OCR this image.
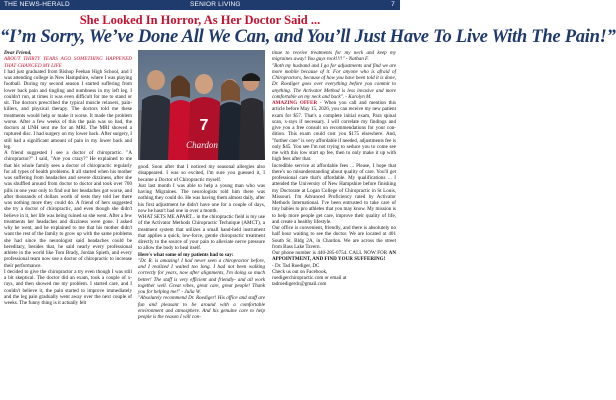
THE NEWS-HERALD	SENIOR LIVING	7
She Looked In Horror, As Her Doctor Said ...
“I’m Sorry, We’ve Done All We Can, and You’ll Just Have To Live With The Pain!”

Dear Friend,

ABOUT THIRTY YEARS AGO SOMETHING HAPPENED THAT CHANGED MY LIFE

I had just graduated from Bishop Feehan High School, and I was attending college in New Hampshire, where I was playing football. During my second season I started suffering from lower back pain and tingling and numbness in my left leg. I couldn't run, at times it was even difficult for me to stand or sit. The doctors prescribed the typical muscle relaxers, pain-killers, and physical therapy. The doctors told me these treatments would help or make it worse. It made the problem worse. After a few weeks of this the pain was so bad, the doctors at UNH sent me for an MRI. The MRI showed a ruptured disc. I had surgery on my lower back. After surgery, I still had a significant amount of pain in my lower back and leg.

A friend suggested I see a doctor of chiropractic. "A chiropractor?" I said, "Are you crazy?" He explained to me that his whole family sees a doctor of chiropractic regularly for all types of health problems. It all started when his mother was suffering from headaches and severe dizziness, after she was shuffled around from doctor to doctor and took over 700 pills in one year only to find out her headaches got worse, and after thousands of dollars worth of tests they told her there was nothing more they could do. A friend of hers suggested she try a doctor of chiropractic, and even though she didn't believe in it, her life was being ruined so she went. After a few treatments her headaches and dizziness were gone. I asked why he went, and he explained to me that his mother didn't want the rest of the family to grow up with the same problems she had since the neurologist said headaches could be hereditary, besides that, he said nearly every professional athlete in the world like Tom Brady, Jordan Spieth, and every professional team now use a doctor of chiropractic to increase their performance.

I decided to give the chiropractor a try even though I was still a bit skeptical. The doctor did an exam, took a couple of x-rays, and then showed me my problem. I started care, and I couldn't believe it, the pain started to improve immediately and the leg pain gradually went away over the next couple of weeks. The funny thing is it actually felt

7
Chardon

good. Soon after that I noticed my seasonal allergies also disappeared. I was so excited, I'm sure you guessed it, I became a Doctor of Chiropractic myself.

Just last month I was able to help a young man who was having Migraines. The neurologists told him there was nothing they could do. He was having them almost daily, after his first adjustment he didn't have one for a couple of days, now he hasn't had one in over a month.

WHAT SETS ME APART... in the chiropractic field is my use of the Activator Methods Chiropractic Technique (AMCT), a treatment system that utilizes a small hand-held instrument that applies a quick, low-force, gentle chiropractic treatment directly to the source of your pain to alleviate nerve pressure to allow the body to heal itself.

Here's what some of my patients had to say:

"Dr. R. is amazing! I had never seen a chiropractor before, and I realized I waited too long. I had not been walking correctly for years, now after alignments, I'm doing so much better! The staff is very efficient and friendly- and all work together well. Great vibes, great care, great people! Thank you for helping me!" - Julia W.

"Absolutely recommend Dr. Roediger! His office and staff are fun and pleasant to be around with a comfortable environment and atmosphere. And his genuine care to help people is the reason I will con-

tinue to receive treatments for my neck and keep my migraines away! You guys rock!!!!" - Nathan F.

"Both my husband and I go for adjustments and find we are more mobile because of it. For anyone who is afraid of Chiropractors, because of how you have been told it is done, Dr. Roediger goes over everything before you commit to anything. The Activator Method is less invasive and more comfortable on my neck and back". - Karolyn M.

AMAZING OFFER - When you call and mention this article before May 15, 2026, you can receive my new patient exam for $57. That's a complete initial exam, Para spinal scan, x-rays if necessary. I will correlate my findings and give you a free consult on recommendations for your con-dition. This exam could cost you $175 elsewhere. And, "further care" is very affordable if needed, adjustments fee is only $45. You see I'm not trying to seduce you to come see me with this low start up fee, then to only make it up with high fees after that.

Incredible service at affordable fees ... Please, I hope that there's no misunderstanding about quality of care. You'll get professional care that's affordable. My qualifications ... I attended the University of New Hampshire before finishing my Doctorate at Logan College of Chiropractic in St Louis, Missouri. I'm Advanced Proficiency rated by Activator Methods International. I've been entrusted to take care of tiny babies to pro athletes that you may know. My mission is to help more people get care, improve their quality of life, and create a healthy lifestyle.

Our office is convenient, friendly, and there is absolutely no half hour waiting to see the doctor. We are located at 401 South St. Bldg 2A, in Chardon. We are across the street from Bass Lake Tavern.

Our phone number is 440-285-0754. CALL NOW FOR AN APPOINTMENT, AND FIND YOUR SUFFERING!

- Dr. Tad Roediger, DC

Check us out on Facebook,

roedigerchiropractic.com or email at

tadroedigerdc@gmail.com
